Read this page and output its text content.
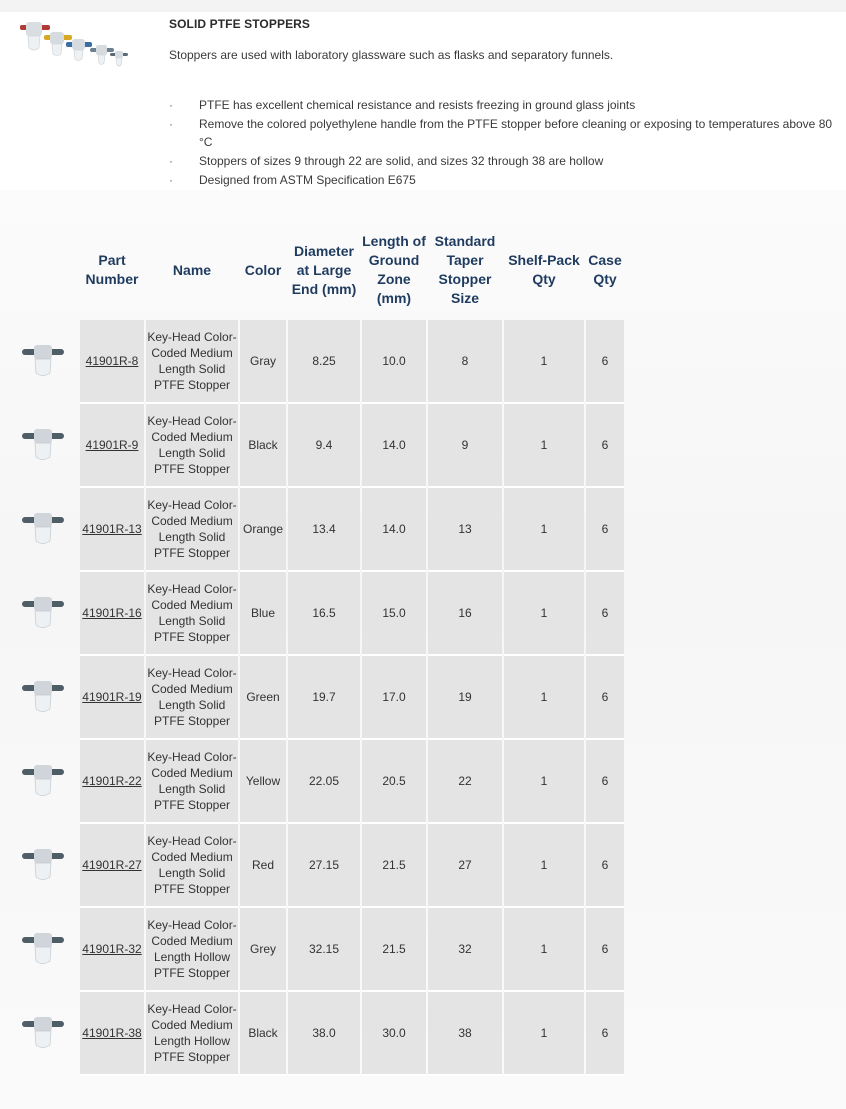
SOLID PTFE STOPPERS
Stoppers are used with laboratory glassware such as flasks and separatory funnels.
· PTFE has excellent chemical resistance and resists freezing in ground glass joints
· Remove the colored polyethylene handle from the PTFE stopper before cleaning or exposing to temperatures above 80 °C
· Stoppers of sizes 9 through 22 are solid, and sizes 32 through 38 are hollow
· Designed from ASTM Specification E675
Part Number	Name	Color	Diameter at Large End (mm)	Length of Ground Zone (mm)	Standard Taper Stopper Size	Shelf-Pack Qty	Case Qty
41901R-8	Key-Head Color-Coded Medium Length Solid PTFE Stopper	Gray	8.25	10.0	8	1	6
41901R-9	Key-Head Color-Coded Medium Length Solid PTFE Stopper	Black	9.4	14.0	9	1	6
41901R-13	Key-Head Color-Coded Medium Length Solid PTFE Stopper	Orange	13.4	14.0	13	1	6
41901R-16	Key-Head Color-Coded Medium Length Solid PTFE Stopper	Blue	16.5	15.0	16	1	6
41901R-19	Key-Head Color-Coded Medium Length Solid PTFE Stopper	Green	19.7	17.0	19	1	6
41901R-22	Key-Head Color-Coded Medium Length Solid PTFE Stopper	Yellow	22.05	20.5	22	1	6
41901R-27	Key-Head Color-Coded Medium Length Solid PTFE Stopper	Red	27.15	21.5	27	1	6
41901R-32	Key-Head Color-Coded Medium Length Hollow PTFE Stopper	Grey	32.15	21.5	32	1	6
41901R-38	Key-Head Color-Coded Medium Length Hollow PTFE Stopper	Black	38.0	30.0	38	1	6
